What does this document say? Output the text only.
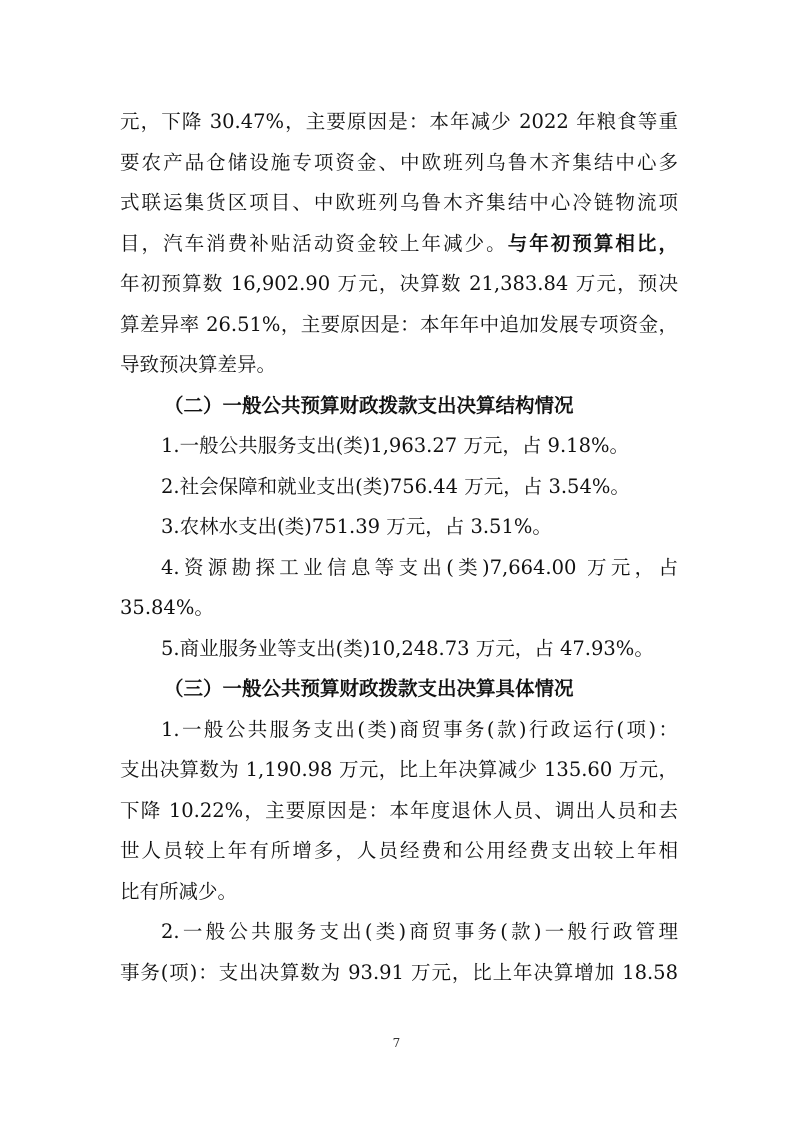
元，下降 30.47%，主要原因是：本年减少 2022 年粮食等重
要农产品仓储设施专项资金、中欧班列乌鲁木齐集结中心多
式联运集货区项目、中欧班列乌鲁木齐集结中心冷链物流项
目，汽车消费补贴活动资金较上年减少。与年初预算相比，
年初预算数 16,902.90 万元，决算数 21,383.84 万元，预决
算差异率 26.51%，主要原因是：本年年中追加发展专项资金，
导致预决算差异。
（二）一般公共预算财政拨款支出决算结构情况
1.一般公共服务支出(类)1,963.27 万元，占 9.18%。
2.社会保障和就业支出(类)756.44 万元，占 3.54%。
3.农林水支出(类)751.39 万元，占 3.51%。
4.资源勘探工业信息等支出(类)7,664.00 万元，占
35.84%。
5.商业服务业等支出(类)10,248.73 万元，占 47.93%。
（三）一般公共预算财政拨款支出决算具体情况
1.一般公共服务支出(类)商贸事务(款)行政运行(项)：
支出决算数为 1,190.98 万元，比上年决算减少 135.60 万元，
下降 10.22%，主要原因是：本年度退休人员、调出人员和去
世人员较上年有所增多，人员经费和公用经费支出较上年相
比有所减少。
2.一般公共服务支出(类)商贸事务(款)一般行政管理
事务(项)：支出决算数为 93.91 万元，比上年决算增加 18.58
7
